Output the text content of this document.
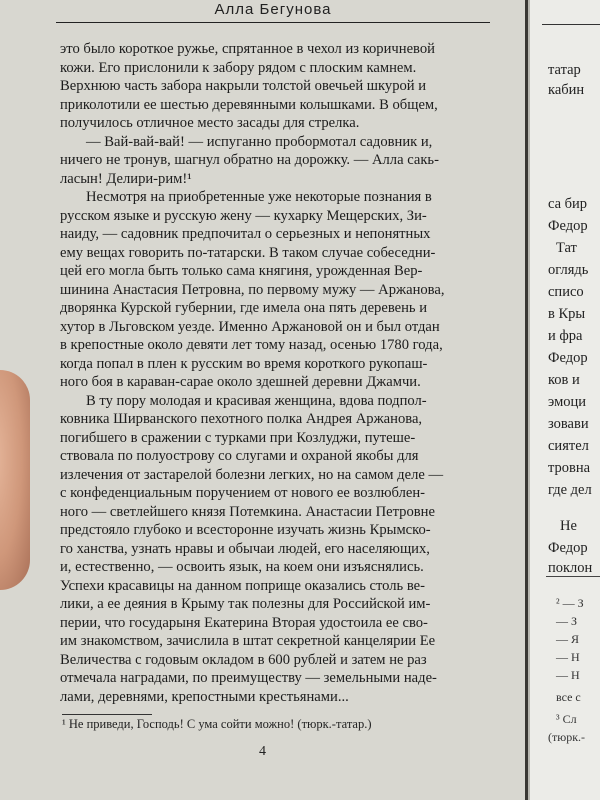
Алла Бегунова

это было короткое ружье, спрятанное в чехол из коричневой

кожи. Его прислонили к забору рядом с плоским камнем.

Верхнюю часть забора накрыли толстой овечьей шкурой и

приколотили ее шестью деревянными колышками. В общем,

получилось отличное место засады для стрелка.

— Вай-вай-вай! — испуганно пробормотал садовник и,

ничего не тронув, шагнул обратно на дорожку. — Алла сакь-

ласын! Делири-рим!¹

Несмотря на приобретенные уже некоторые познания в

русском языке и русскую жену — кухарку Мещерских, Зи-

наиду, — садовник предпочитал о серьезных и непонятных

ему вещах говорить по-татарски. В таком случае собеседни-

цей его могла быть только сама княгиня, урожденная Вер-

шинина Анастасия Петровна, по первому мужу — Аржанова,

дворянка Курской губернии, где имела она пять деревень и

хутор в Льговском уезде. Именно Аржановой он и был отдан

в крепостные около девяти лет тому назад, осенью 1780 года,

когда попал в плен к русским во время короткого рукопаш-

ного боя в караван-сарае около здешней деревни Джамчи.

В ту пору молодая и красивая женщина, вдова подпол-

ковника Ширванского пехотного полка Андрея Аржанова,

погибшего в сражении с турками при Козлуджи, путеше-

ствовала по полуострову со слугами и охраной якобы для

излечения от застарелой болезни легких, но на самом деле —

с конфеденциальным поручением от нового ее возлюблен-

ного — светлейшего князя Потемкина. Анастасии Петровне

предстояло глубоко и всесторонне изучать жизнь Крымско-

го ханства, узнать нравы и обычаи людей, его населяющих,

и, естественно, — освоить язык, на коем они изъяснялись.

Успехи красавицы на данном поприще оказались столь ве-

лики, а ее деяния в Крыму так полезны для Российской им-

перии, что государыня Екатерина Вторая удостоила ее сво-

им знакомством, зачислила в штат секретной канцелярии Ее

Величества с годовым окладом в 600 рублей и затем не раз

отмечала наградами, по преимуществу — земельными наде-

лами, деревнями, крепостными крестьянами...

¹ Не приведи, Господь! С ума сойти можно! (тюрк.-татар.)
4
татар
кабин
са бир
Федор
Тат
оглядь
списо
в Кры
и фра
Федор
ков и
эмоци
зовави
сиятел
тровна
где дел
Не
Федор
поклон
² — З
— З
— Я
— Н
— Н
все с
³ Сл
(тюрк.-
